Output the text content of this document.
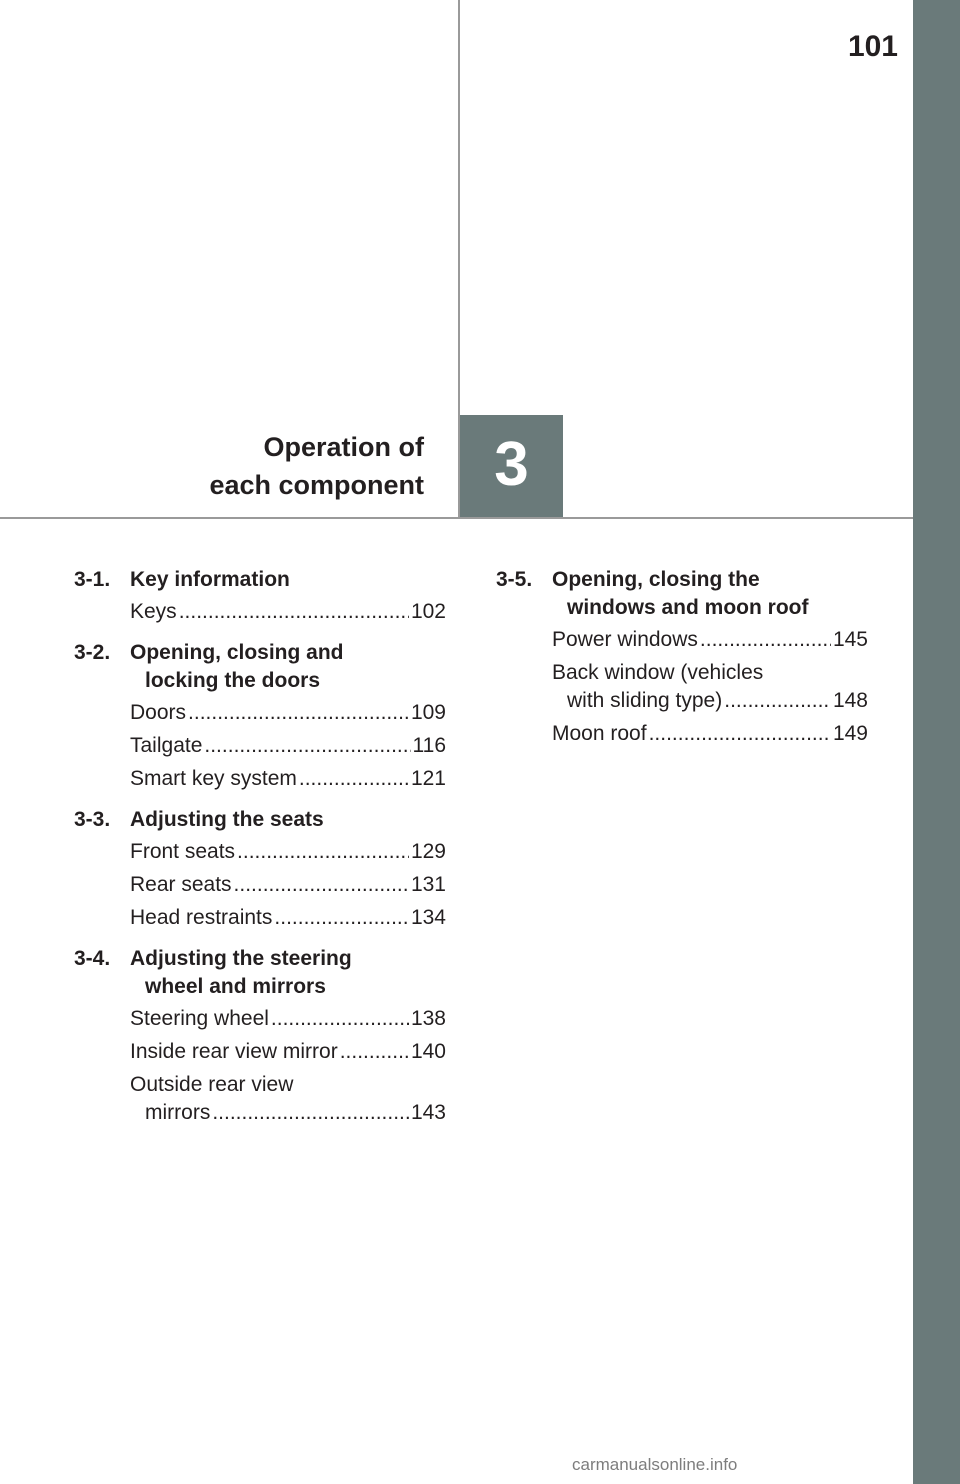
101
Operation of
each component	3
3-1. Key information
Keys .....	102
3-2. Opening, closing and
locking the doors
Doors .....	109
Tailgate .....	116
Smart key system .....	121
3-3. Adjusting the seats
Front seats .....	129
Rear seats .....	131
Head restraints .....	134
3-4. Adjusting the steering
wheel and mirrors
Steering wheel .....	138
Inside rear view mirror .....	140
Outside rear view
mirrors .....	143
3-5. Opening, closing the
windows and moon roof
Power windows .....	145
Back window (vehicles
with sliding type) .....	148
Moon roof .....	149
carmanualsonline.info
